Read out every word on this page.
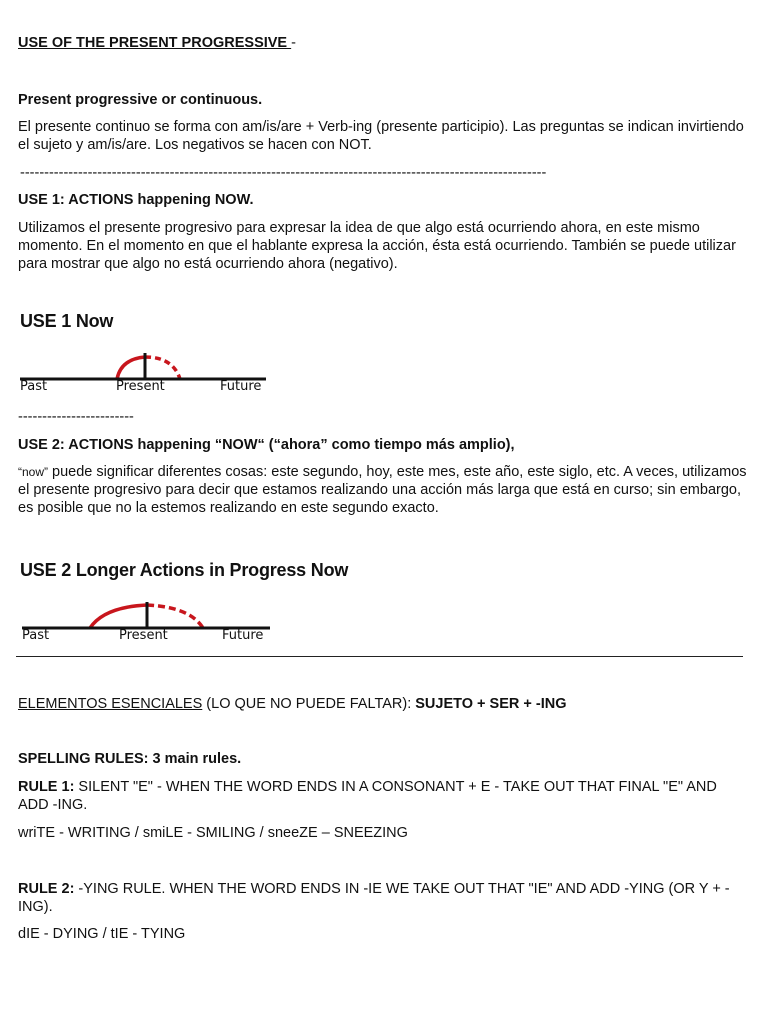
USE OF THE PRESENT PROGRESSIVE -
Present progressive or continuous.
El presente continuo se forma con am/is/are + Verb-ing (presente participio). Las preguntas se indican invirtiendo el sujeto y am/is/are. Los negativos se hacen con NOT.
-------------------------------------------------------------------------------------------------------------
USE 1: ACTIONS happening NOW.
Utilizamos el presente progresivo para expresar la idea de que algo está ocurriendo ahora, en este mismo momento. En el momento en que el hablante expresa la acción, ésta está ocurriendo. También se puede utilizar para mostrar que algo no está ocurriendo ahora (negativo).
USE 1 Now
Past	Present	Future
------------------------
USE 2: ACTIONS happening “NOW“ (“ahora” como tiempo más amplio),
“now” puede significar diferentes cosas: este segundo, hoy, este mes, este año, este siglo, etc. A veces, utilizamos el presente progresivo para decir que estamos realizando una acción más larga que está en curso; sin embargo, es posible que no la estemos realizando en este segundo exacto.
USE 2 Longer Actions in Progress Now
Past	Present	Future
ELEMENTOS ESENCIALES (LO QUE NO PUEDE FALTAR): SUJETO + SER + -ING
SPELLING RULES: 3 main rules.
RULE 1: SILENT "E" - WHEN THE WORD ENDS IN A CONSONANT + E - TAKE OUT THAT FINAL "E" AND ADD -ING.
wriTE - WRITING / smiLE - SMILING / sneeZE – SNEEZING
RULE 2: -YING RULE. WHEN THE WORD ENDS IN -IE WE TAKE OUT THAT "IE" AND ADD -YING (OR Y + -ING).
dIE - DYING / tIE - TYING
